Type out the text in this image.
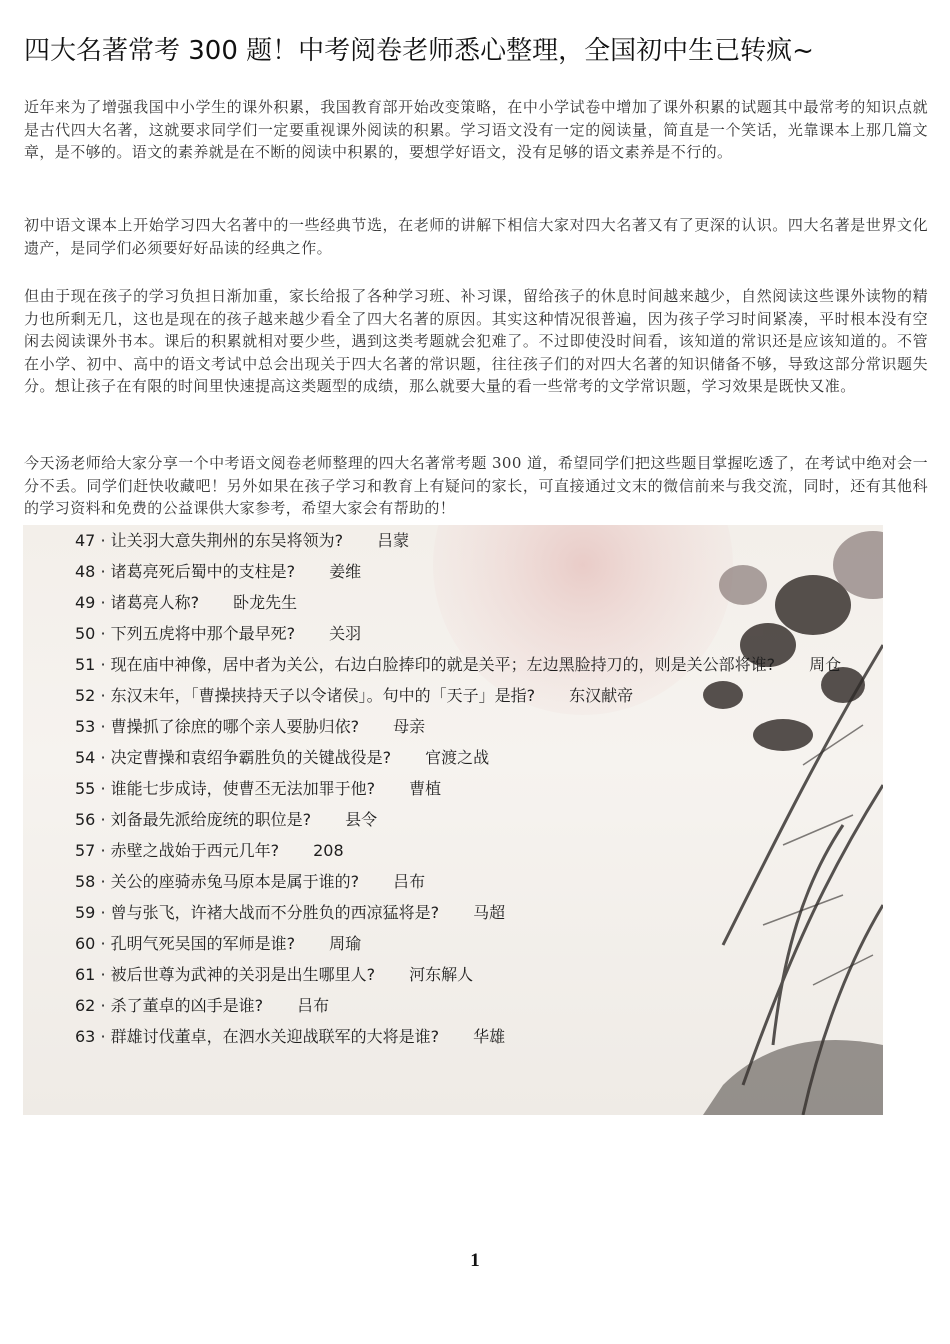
四大名著常考 300 题！中考阅卷老师悉心整理，全国初中生已转疯~

近年来为了增强我国中小学生的课外积累，我国教育部开始改变策略，在中小学试卷中增加了课外积累的试题其中最常考的知识点就是古代四大名著，这就要求同学们一定要重视课外阅读的积累。学习语文没有一定的阅读量，简直是一个笑话，光靠课本上那几篇文章，是不够的。语文的素养就是在不断的阅读中积累的，要想学好语文，没有足够的语文素养是不行的。

初中语文课本上开始学习四大名著中的一些经典节选，在老师的讲解下相信大家对四大名著又有了更深的认识。四大名著是世界文化遗产，是同学们必须要好好品读的经典之作。

但由于现在孩子的学习负担日渐加重，家长给报了各种学习班、补习课，留给孩子的休息时间越来越少，自然阅读这些课外读物的精力也所剩无几，这也是现在的孩子越来越少看全了四大名著的原因。其实这种情况很普遍，因为孩子学习时间紧凑，平时根本没有空闲去阅读课外书本。课后的积累就相对要少些，遇到这类考题就会犯难了。不过即使没时间看，该知道的常识还是应该知道的。不管在小学、初中、高中的语文考试中总会出现关于四大名著的常识题，往往孩子们的对四大名著的知识储备不够，导致这部分常识题失分。想让孩子在有限的时间里快速提高这类题型的成绩，那么就要大量的看一些常考的文学常识题，学习效果是既快又准。

今天汤老师给大家分享一个中考语文阅卷老师整理的四大名著常考题 300 道，希望同学们把这些题目掌握吃透了，在考试中绝对会一分不丢。同学们赶快收藏吧！另外如果在孩子学习和教育上有疑问的家长，可直接通过文末的微信前来与我交流，同时，还有其他科的学习资料和免费的公益课供大家参考，希望大家会有帮助的！

47 · 让关羽大意失荆州的东吴将领为? 吕蒙
48 · 诸葛亮死后蜀中的支柱是? 姜维
49 · 诸葛亮人称? 卧龙先生
50 · 下列五虎将中那个最早死? 关羽
51 · 现在庙中神像，居中者为关公，右边白脸捧印的就是关平；左边黑脸持刀的，则是关公部将谁? 周仓
52 · 东汉末年，「曹操挟持天子以令诸侯」。句中的「天子」是指? 东汉献帝
53 · 曹操抓了徐庶的哪个亲人要胁归依? 母亲
54 · 决定曹操和袁绍争霸胜负的关键战役是? 官渡之战
55 · 谁能七步成诗，使曹丕无法加罪于他? 曹植
56 · 刘备最先派给庞统的职位是? 县令
57 · 赤壁之战始于西元几年? 208
58 · 关公的座骑赤兔马原本是属于谁的? 吕布
59 · 曾与张飞，许褚大战而不分胜负的西凉猛将是? 马超
60 · 孔明气死吴国的军师是谁? 周瑜
61 · 被后世尊为武神的关羽是出生哪里人? 河东解人
62 · 杀了董卓的凶手是谁? 吕布
63 · 群雄讨伐董卓，在泗水关迎战联军的大将是谁? 华雄
1
